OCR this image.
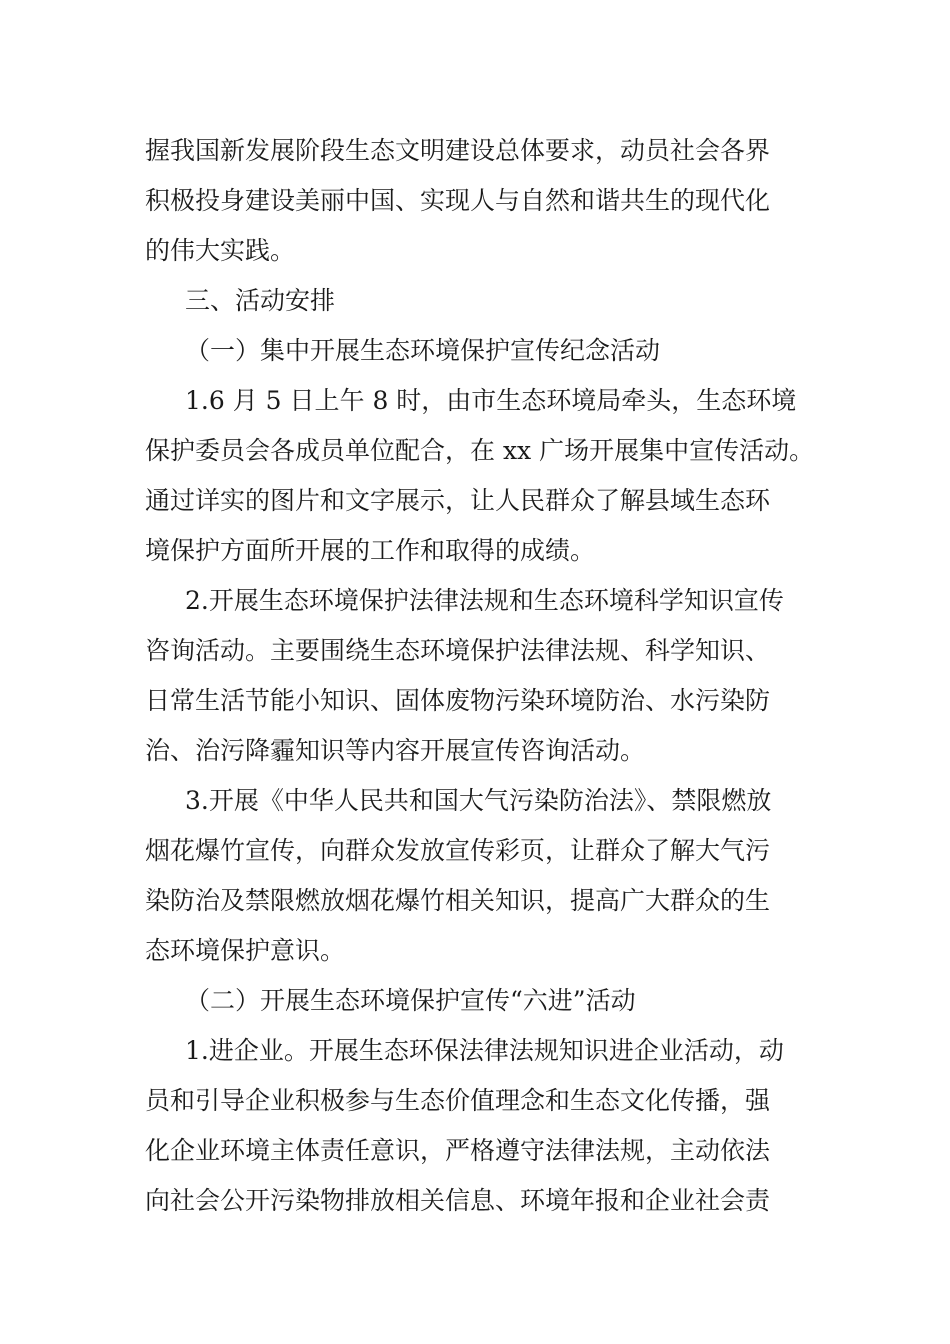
握我国新发展阶段生态文明建设总体要求，动员社会各界
积极投身建设美丽中国、实现人与自然和谐共生的现代化
的伟大实践。
三、活动安排
（一）集中开展生态环境保护宣传纪念活动
1.6 月 5 日上午 8 时，由市生态环境局牵头，生态环境
保护委员会各成员单位配合，在 xx 广场开展集中宣传活动。
通过详实的图片和文字展示，让人民群众了解县域生态环
境保护方面所开展的工作和取得的成绩。
2.开展生态环境保护法律法规和生态环境科学知识宣传
咨询活动。主要围绕生态环境保护法律法规、科学知识、
日常生活节能小知识、固体废物污染环境防治、水污染防
治、治污降霾知识等内容开展宣传咨询活动。
3.开展《中华人民共和国大气污染防治法》、禁限燃放
烟花爆竹宣传，向群众发放宣传彩页，让群众了解大气污
染防治及禁限燃放烟花爆竹相关知识，提高广大群众的生
态环境保护意识。
（二）开展生态环境保护宣传“六进”活动
1.进企业。开展生态环保法律法规知识进企业活动，动
员和引导企业积极参与生态价值理念和生态文化传播，强
化企业环境主体责任意识，严格遵守法律法规，主动依法
向社会公开污染物排放相关信息、环境年报和企业社会责
